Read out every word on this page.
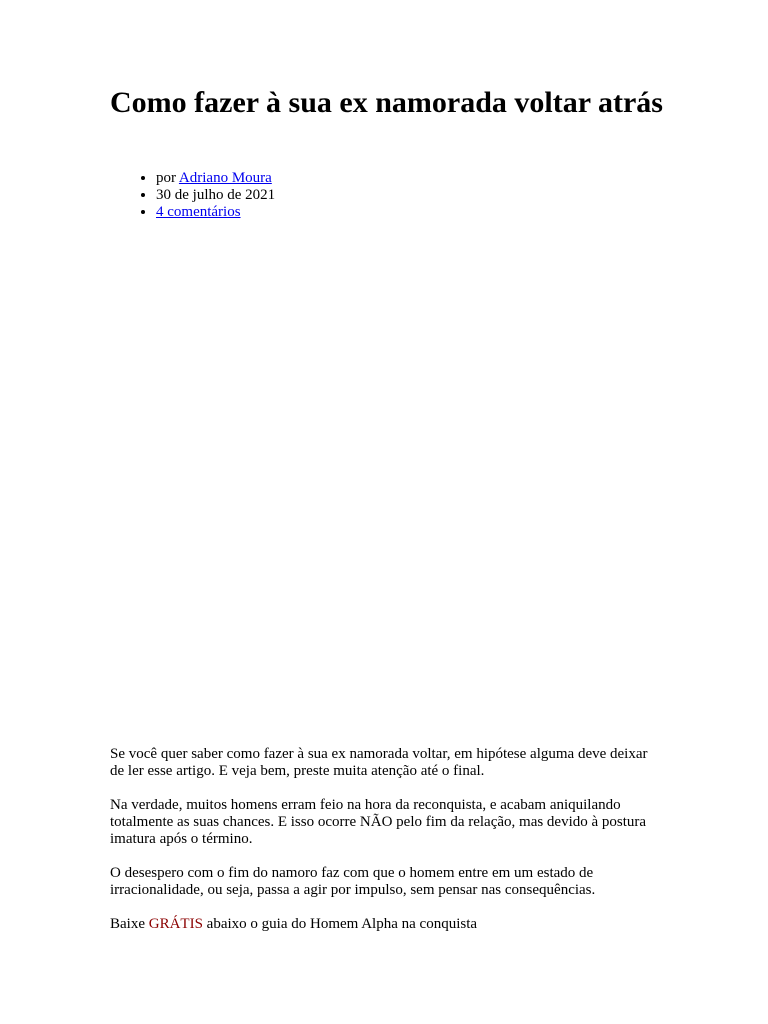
Como fazer à sua ex namorada voltar atrás
• por Adriano Moura
• 30 de julho de 2021
• 4 comentários

Se você quer saber como fazer à sua ex namorada voltar, em hipótese alguma deve deixar de ler esse artigo. E veja bem, preste muita atenção até o final.

Na verdade, muitos homens erram feio na hora da reconquista, e acabam aniquilando totalmente as suas chances. E isso ocorre NÃO pelo fim da relação, mas devido à postura imatura após o término.

O desespero com o fim do namoro faz com que o homem entre em um estado de irracionalidade, ou seja, passa a agir por impulso, sem pensar nas consequências.

Baixe GRÁTIS abaixo o guia do Homem Alpha na conquista
